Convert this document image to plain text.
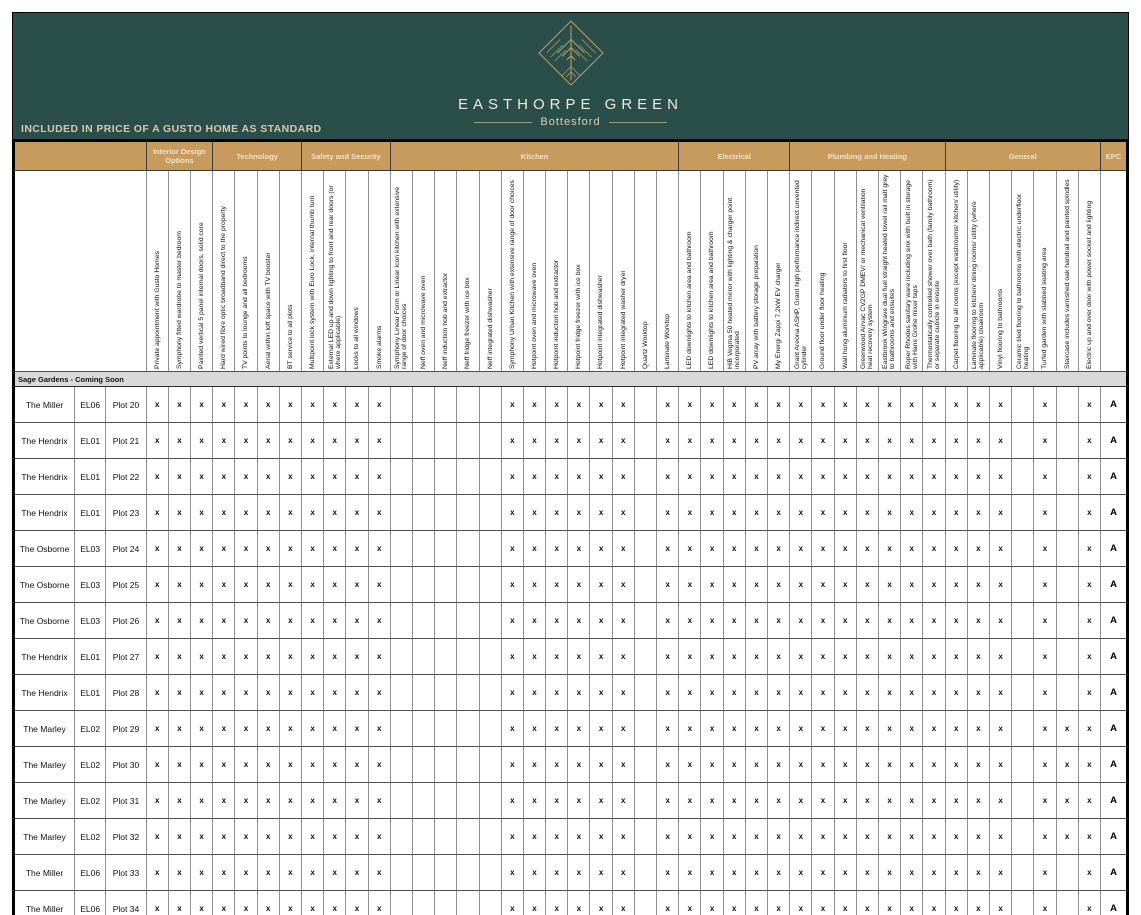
EASTHORPE GREEN
Bottesford
INCLUDED IN PRICE OF A GUSTO HOME AS STANDARD
			Interior Design Options			Technology				Safety and Security				Kitchen													Electrical					Plumbing and Heating							General							EPC

GUSTO Homes			Private appointment with Gusto Homes	Symphony fitted wardrobe to master bedroom	Painted vertical 5 panel internal doors, solid core	Hard wired fibre optic broadband direct to the property	TV points to lounge and all bedrooms	Aerial within loft space with TV booster	BT service to all plots	Multipoint lock system with Euro Lock, internal thumb turn	External LED up and down lighting to front and rear doors (or where applicable)	Locks to all windows	Smoke alarms	Symphony Linear Form or Linear Icon kitchen with extensive range of door choices	Neff oven and microwave oven	Neff induction hob and extractor	Neff fridge freezer with ice box	Neff integrated dishwasher	Symphony Urban Kitchen with extensive range of door choices	Hotpoint oven and microwave oven	Hotpoint induction hob and extractor	Hotpoint fridge freezer with ice box	Hotpoint integrated dishwasher	Hotpoint integrated washer dryer	Quartz Worktop	Laminate Worktop	LED downlights to kitchen area and bathroom	LED downlights to kitchen area and bathroom	HiB Vegma 50 heated mirror with lighting & charger point incorporated	PV array with battery storage preparation	My Energi Zappi 7.2kW EV charger	Grant Areona ASHP, Grant high performance indirect unvented cylinder	Ground floor under floor heating	Wall hung aluminium radiators to first floor	Greenwood Airvac CV2GP DMEV/ or mechanical ventilation heat recovery system	Eastbrook Wingrave dual fuel straight heated towel rail matt grey to bathrooms and ensuites	Roper Rhodes sanitary ware including sink with built in storage with Hans Grohe mixer taps	Thermostatically controlled shower over bath (family bathroom) or separate cubicle in ensuite	Carpet flooring to all rooms (except washrooms/ kitchen/ utility)	Laminate flooring to kitchen/ dining rooms/ utility (where applicable) cloakroom	Vinyl flooring to bathrooms	Ceramic tiled flooring to bathrooms with electric underfloor heating	Turfed garden with slabbed seating area	Staircase includes varnished oak handrail and painted spindles	Electric up and over door with power socket and lighting	

Sage Gardens - Coming Soon																																														
The Miller	EL06	Plot 20	x	x	x	x	x	x	x	x	x	x	x						x	x	x	x	x	x		x	x	x	x	x	x	x	x	x	x	x	x	x	x	x	x		x		x	A
The Hendrix	EL01	Plot 21	x	x	x	x	x	x	x	x	x	x	x						x	x	x	x	x	x		x	x	x	x	x	x	x	x	x	x	x	x	x	x	x	x		x		x	A
The Hendrix	EL01	Plot 22	x	x	x	x	x	x	x	x	x	x	x						x	x	x	x	x	x		x	x	x	x	x	x	x	x	x	x	x	x	x	x	x	x		x		x	A
The Hendrix	EL01	Plot 23	x	x	x	x	x	x	x	x	x	x	x						x	x	x	x	x	x		x	x	x	x	x	x	x	x	x	x	x	x	x	x	x	x		x		x	A
The Osborne	EL03	Plot 24	x	x	x	x	x	x	x	x	x	x	x						x	x	x	x	x	x		x	x	x	x	x	x	x	x	x	x	x	x	x	x	x	x		x		x	A
The Osborne	EL03	Plot 25	x	x	x	x	x	x	x	x	x	x	x						x	x	x	x	x	x		x	x	x	x	x	x	x	x	x	x	x	x	x	x	x	x		x		x	A
The Osborne	EL03	Plot 26	x	x	x	x	x	x	x	x	x	x	x						x	x	x	x	x	x		x	x	x	x	x	x	x	x	x	x	x	x	x	x	x	x		x		x	A
The Hendrix	EL01	Plot 27	x	x	x	x	x	x	x	x	x	x	x						x	x	x	x	x	x		x	x	x	x	x	x	x	x	x	x	x	x	x	x	x	x		x		x	A
The Hendrix	EL01	Plot 28	x	x	x	x	x	x	x	x	x	x	x						x	x	x	x	x	x		x	x	x	x	x	x	x	x	x	x	x	x	x	x	x	x		x		x	A
The Marley	EL02	Plot 29	x	x	x	x	x	x	x	x	x	x	x						x	x	x	x	x	x		x	x	x	x	x	x	x	x	x	x	x	x	x	x	x	x		x	x	x	A
The Marley	EL02	Plot 30	x	x	x	x	x	x	x	x	x	x	x						x	x	x	x	x	x		x	x	x	x	x	x	x	x	x	x	x	x	x	x	x	x		x	x	x	A
The Marley	EL02	Plot 31	x	x	x	x	x	x	x	x	x	x	x						x	x	x	x	x	x		x	x	x	x	x	x	x	x	x	x	x	x	x	x	x	x		x	x	x	A
The Marley	EL02	Plot 32	x	x	x	x	x	x	x	x	x	x	x						x	x	x	x	x	x		x	x	x	x	x	x	x	x	x	x	x	x	x	x	x	x		x	x	x	A
The Miller	EL06	Plot 33	x	x	x	x	x	x	x	x	x	x	x						x	x	x	x	x	x		x	x	x	x	x	x	x	x	x	x	x	x	x	x	x	x		x		x	A
The Miller	EL06	Plot 34	x	x	x	x	x	x	x	x	x	x	x						x	x	x	x	x	x		x	x	x	x	x	x	x	x	x	x	x	x	x	x	x	x		x		x	A
